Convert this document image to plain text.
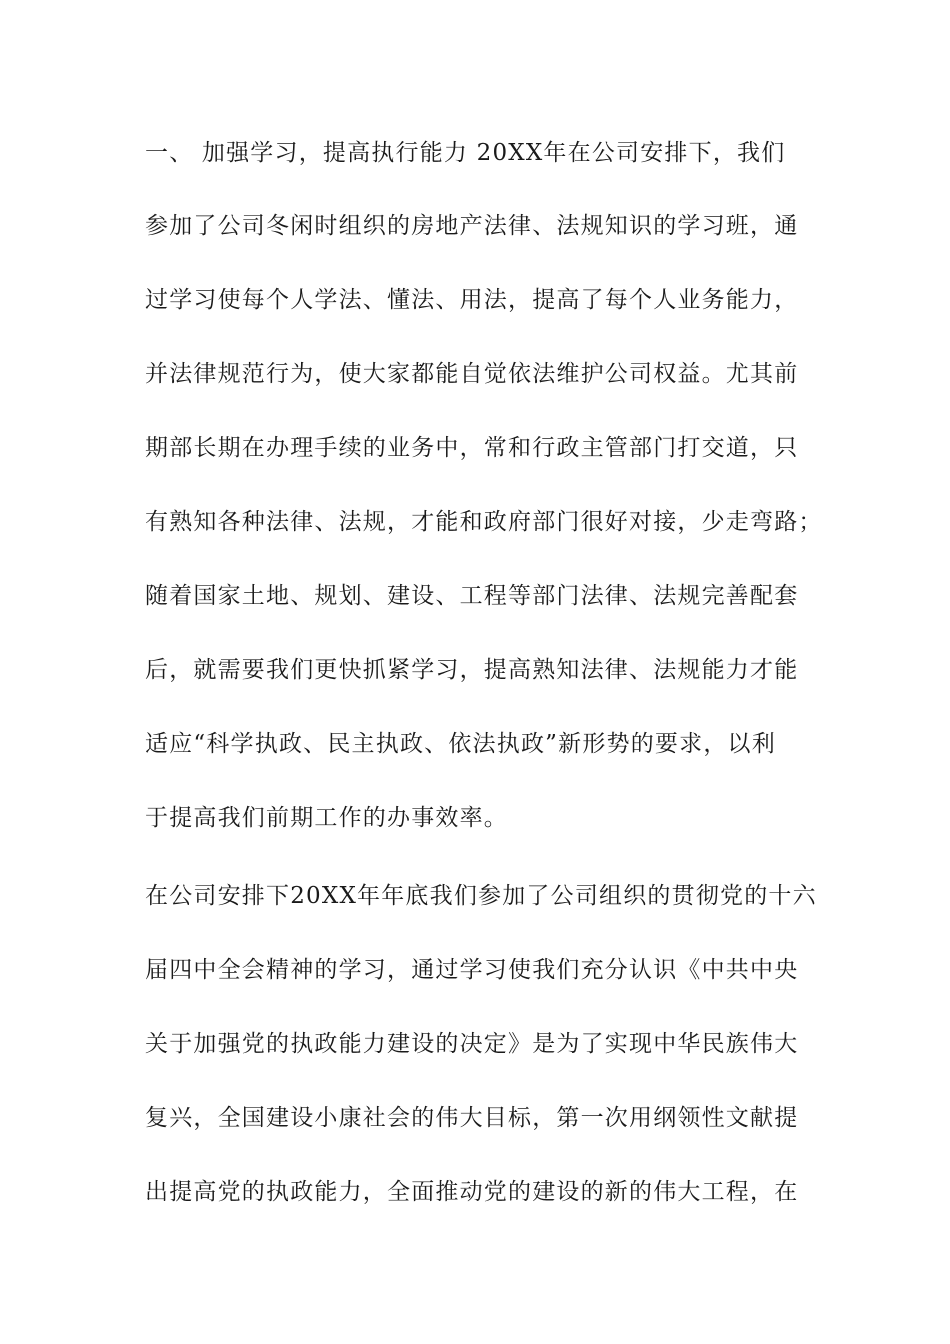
一、 加强学习，提高执行能力 20XX年在公司安排下，我们
参加了公司冬闲时组织的房地产法律、法规知识的学习班，通
过学习使每个人学法、懂法、用法，提高了每个人业务能力，
并法律规范行为，使大家都能自觉依法维护公司权益。尤其前
期部长期在办理手续的业务中，常和行政主管部门打交道，只
有熟知各种法律、法规，才能和政府部门很好对接，少走弯路；
随着国家土地、规划、建设、工程等部门法律、法规完善配套
后，就需要我们更快抓紧学习，提高熟知法律、法规能力才能
适应“科学执政、民主执政、依法执政”新形势的要求，以利
于提高我们前期工作的办事效率。
在公司安排下20XX年年底我们参加了公司组织的贯彻党的十六
届四中全会精神的学习，通过学习使我们充分认识《中共中央
关于加强党的执政能力建设的决定》是为了实现中华民族伟大
复兴，全国建设小康社会的伟大目标，第一次用纲领性文献提
出提高党的执政能力，全面推动党的建设的新的伟大工程，在
